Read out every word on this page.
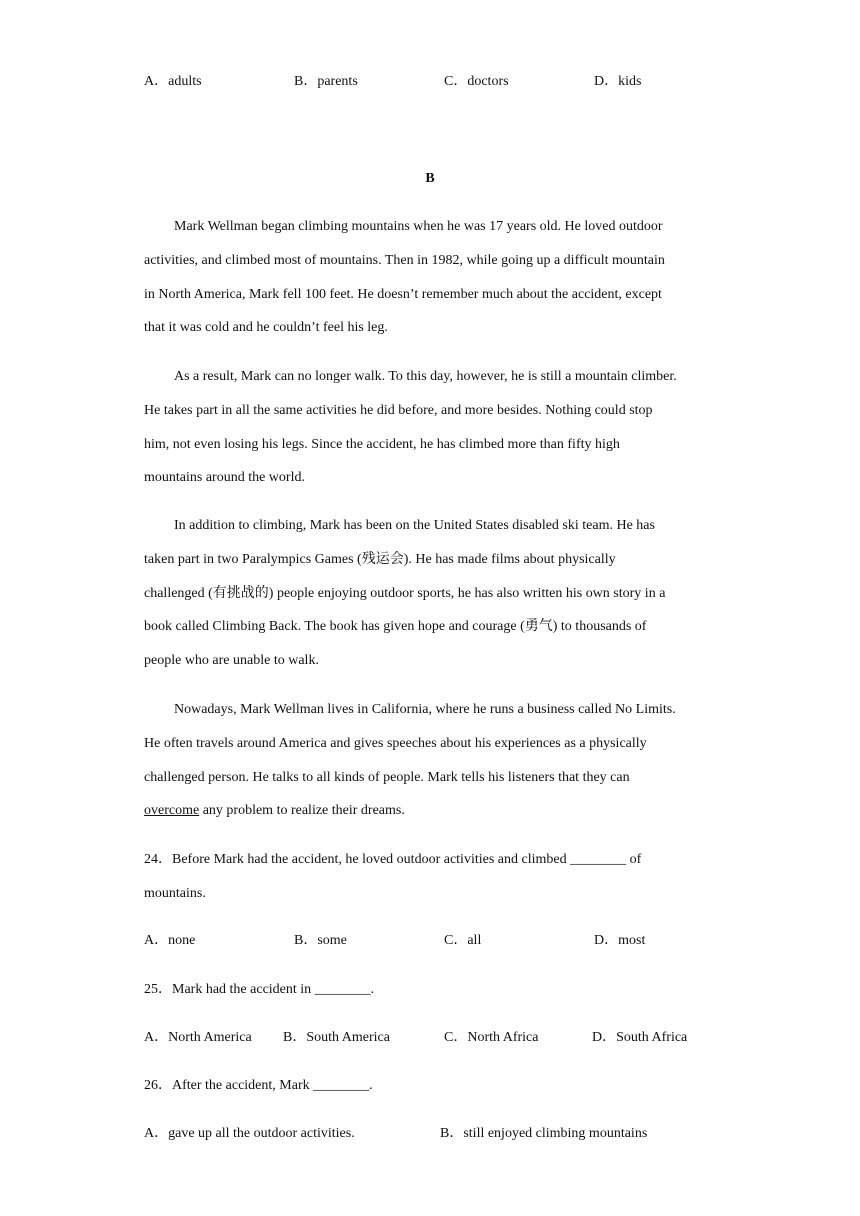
A．adults	B．parents	C．doctors	D．kids
B

Mark Wellman began climbing mountains when he was 17 years old. He loved outdoor
activities, and climbed most of mountains. Then in 1982, while going up a difficult mountain
in North America, Mark fell 100 feet. He doesn’t remember much about the accident, except
that it was cold and he couldn’t feel his leg.

As a result, Mark can no longer walk. To this day, however, he is still a mountain climber.
He takes part in all the same activities he did before, and more besides. Nothing could stop
him, not even losing his legs. Since the accident, he has climbed more than fifty high
mountains around the world.

In addition to climbing, Mark has been on the United States disabled ski team. He has
taken part in two Paralympics Games (残运会). He has made films about physically
challenged (有挑战的) people enjoying outdoor sports, he has also written his own story in a
book called Climbing Back. The book has given hope and courage (勇气) to thousands of
people who are unable to walk.

Nowadays, Mark Wellman lives in California, where he runs a business called No Limits.
He often travels around America and gives speeches about his experiences as a physically
challenged person. He talks to all kinds of people. Mark tells his listeners that they can
overcome any problem to realize their dreams.

24．Before Mark had the accident, he loved outdoor activities and climbed ________ of
mountains.

A．none	B．some	C．all	D．most

25．Mark had the accident in ________.

A．North America B．South America	C．North Africa	D．South Africa

26．After the accident, Mark ________.

A．gave up all the outdoor activities.	B．still enjoyed climbing mountains
